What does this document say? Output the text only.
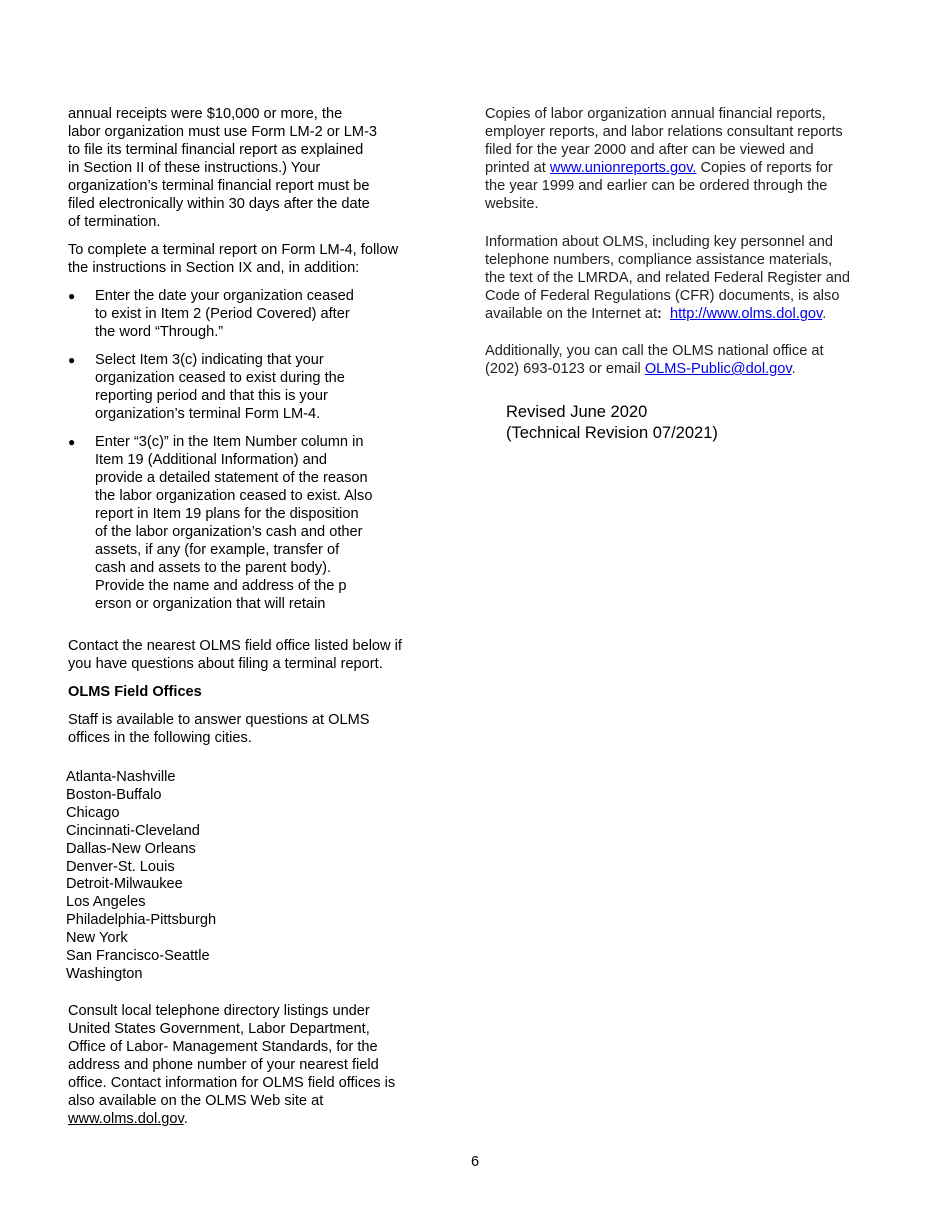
annual receipts were $10,000 or more, the
labor organization must use Form LM-2 or LM-3
to file its terminal financial report as explained
in Section II of these instructions.) Your
organization’s terminal financial report must be
filed electronically within 30 days after the date
of termination.

To complete a terminal report on Form LM-4, follow
the instructions in Section IX and, in addition:

● Enter the date your organization ceased
to exist in Item 2 (Period Covered) after
the word “Through.”
● Select Item 3(c) indicating that your
organization ceased to exist during the
reporting period and that this is your
organization’s terminal Form LM-4.
● Enter “3(c)” in the Item Number column in
Item 19 (Additional Information) and
provide a detailed statement of the reason
the labor organization ceased to exist. Also
report in Item 19 plans for the disposition
of the labor organization’s cash and other
assets, if any (for example, transfer of
cash and assets to the parent body).
Provide the name and address of the p
erson or organization that will retain

Contact the nearest OLMS field office listed below if
you have questions about filing a terminal report.

OLMS Field Offices

Staff is available to answer questions at OLMS
offices in the following cities.

Atlanta-Nashville
Boston-Buffalo
Chicago
Cincinnati-Cleveland
Dallas-New Orleans
Denver-St. Louis
Detroit-Milwaukee
Los Angeles
Philadelphia-Pittsburgh
New York
San Francisco-Seattle
Washington

Consult local telephone directory listings under
United States Government, Labor Department,
Office of Labor- Management Standards, for the
address and phone number of your nearest field
office. Contact information for OLMS field offices is
also available on the OLMS Web site at
www.olms.dol.gov.

Copies of labor organization annual financial reports,
employer reports, and labor relations consultant reports
filed for the year 2000 and after can be viewed and
printed at www.unionreports.gov. Copies of reports for
the year 1999 and earlier can be ordered through the
website.

Information about OLMS, including key personnel and
telephone numbers, compliance assistance materials,
the text of the LMRDA, and related Federal Register and
Code of Federal Regulations (CFR) documents, is also
available on the Internet at: http://www.olms.dol.gov.

Additionally, you can call the OLMS national office at
(202) 693-0123 or email OLMS-Public@dol.gov.

Revised June 2020
(Technical Revision 07/2021)
6
